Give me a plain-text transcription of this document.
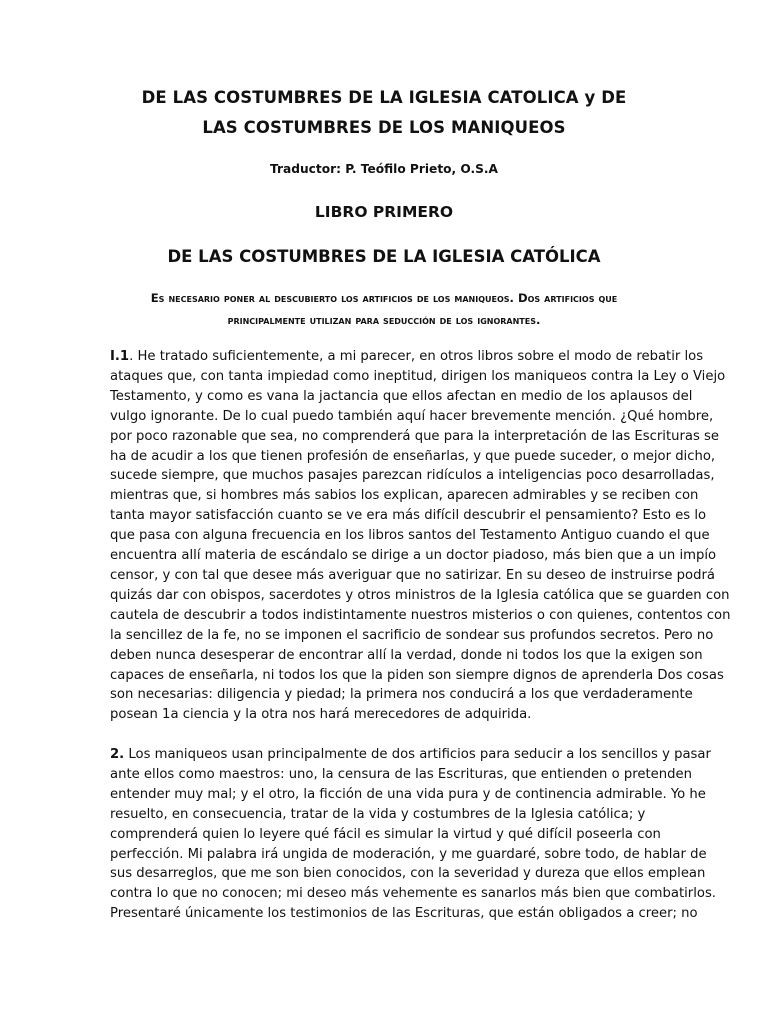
DE LAS COSTUMBRES DE LA IGLESIA CATOLICA y DE
LAS COSTUMBRES DE LOS MANIQUEOS
Traductor: P. Teófilo Prieto, O.S.A
LIBRO PRIMERO
DE LAS COSTUMBRES DE LA IGLESIA CATÓLICA
Es necesario poner al descubierto los artificios de los maniqueos. Dos artificios que
principalmente utilizan para seducción de los ignorantes.
I.1. He tratado suficientemente, a mi parecer, en otros libros sobre el modo de rebatir los
ataques que, con tanta impiedad como ineptitud, dirigen los maniqueos contra la Ley o Viejo
Testamento, y como es vana la jactancia que ellos afectan en medio de los aplausos del
vulgo ignorante. De lo cual puedo también aquí hacer brevemente mención. ¿Qué hombre,
por poco razonable que sea, no comprenderá que para la interpretación de las Escrituras se
ha de acudir a los que tienen profesión de enseñarlas, y que puede suceder, o mejor dicho,
sucede siempre, que muchos pasajes parezcan ridículos a inteligencias poco desarrolladas,
mientras que, si hombres más sabios los explican, aparecen admirables y se reciben con
tanta mayor satisfacción cuanto se ve era más difícil descubrir el pensamiento? Esto es lo
que pasa con alguna frecuencia en los libros santos del Testamento Antiguo cuando el que
encuentra allí materia de escándalo se dirige a un doctor piadoso, más bien que a un impío
censor, y con tal que desee más averiguar que no satirizar. En su deseo de instruirse podrá
quizás dar con obispos, sacerdotes y otros ministros de la Iglesia católica que se guarden con
cautela de descubrir a todos indistintamente nuestros misterios o con quienes, contentos con
la sencillez de la fe, no se imponen el sacrificio de sondear sus profundos secretos. Pero no
deben nunca desesperar de encontrar allí la verdad, donde ni todos los que la exigen son
capaces de enseñarla, ni todos los que la piden son siempre dignos de aprenderla Dos cosas
son necesarias: diligencia y piedad; la primera nos conducirá a los que verdaderamente
posean 1a ciencia y la otra nos hará merecedores de adquirida.
2. Los maniqueos usan principalmente de dos artificios para seducir a los sencillos y pasar
ante ellos como maestros: uno, la censura de las Escrituras, que entienden o pretenden
entender muy mal; y el otro, la ficción de una vida pura y de continencia admirable. Yo he
resuelto, en consecuencia, tratar de la vida y costumbres de la Iglesia católica; y
comprenderá quien lo leyere qué fácil es simular la virtud y qué difícil poseerla con
perfección. Mi palabra irá ungida de moderación, y me guardaré, sobre todo, de hablar de
sus desarreglos, que me son bien conocidos, con la severidad y dureza que ellos emplean
contra lo que no conocen; mi deseo más vehemente es sanarlos más bien que combatirlos.
Presentaré únicamente los testimonios de las Escrituras, que están obligados a creer; no
